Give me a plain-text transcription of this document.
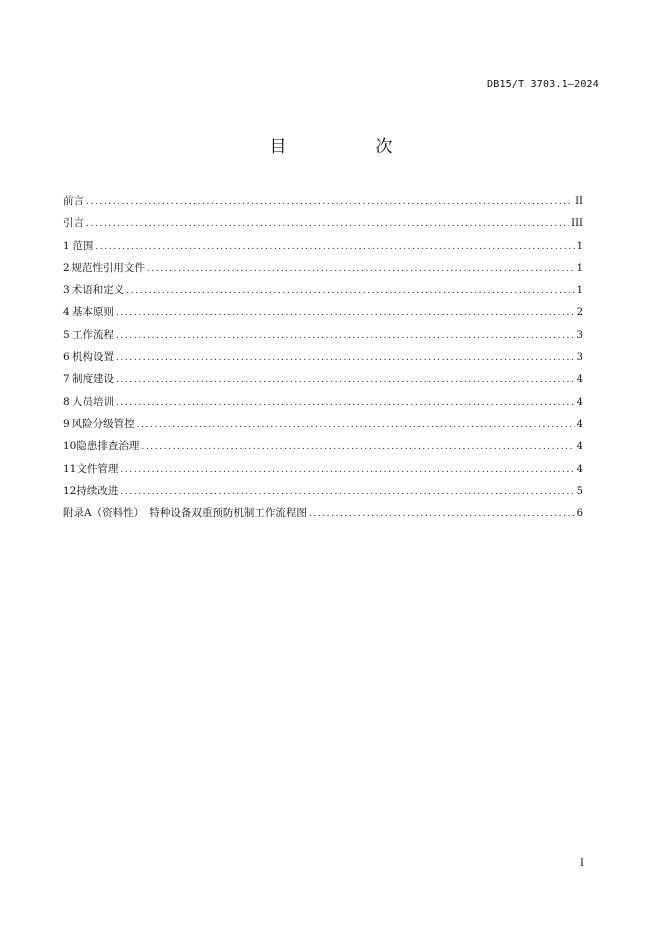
DB15/T 3703.1—2024
目　次
前言 .....	II
引言 .....	III
1 范围 .....	1
2 规范性引用文件 .....	1
3 术语和定义 .....	1
4 基本原则 .....	2
5 工作流程 .....	3
6 机构设置 .....	3
7 制度建设 .....	4
8 人员培训 .....	4
9 风险分级管控 .....	4
10 隐患排查治理 .....	4
11 文件管理 .....	4
12 持续改进 .....	5
附录A（资料性）　特种设备双重预防机制工作流程图 .....	6
I
